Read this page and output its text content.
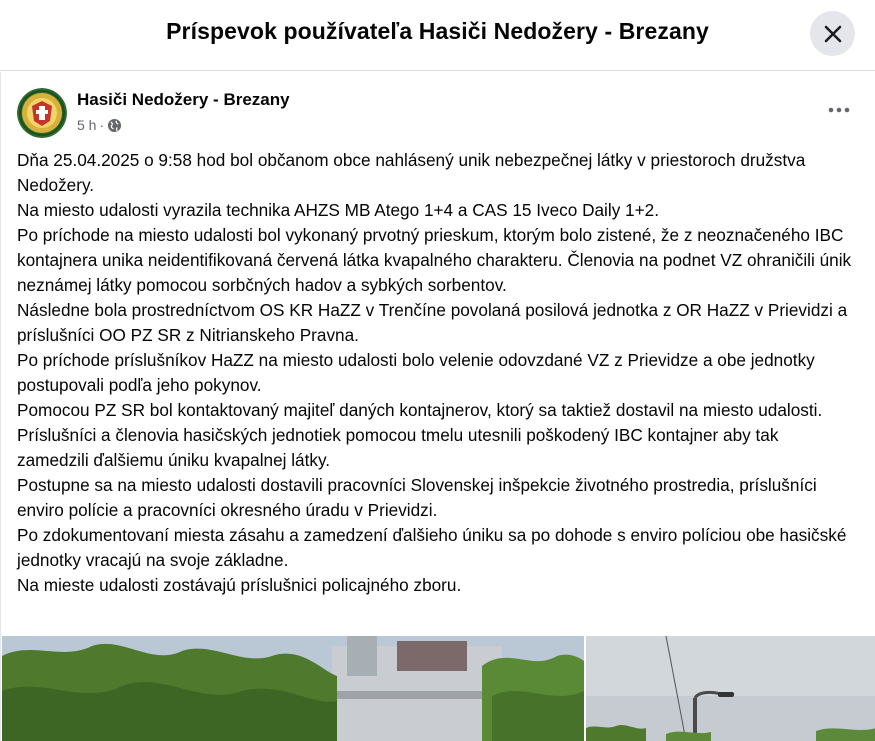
Príspevok používateľa Hasiči Nedožery - Brezany
Hasiči Nedožery - Brezany
5 h ·

Dňa 25.04.2025 o 9:58 hod bol občanom obce nahlásený unik nebezpečnej látky v priestoroch družstva Nedožery.

Na miesto udalosti vyrazila technika AHZS MB Atego 1+4 a CAS 15 Iveco Daily 1+2.

Po príchode na miesto udalosti bol vykonaný prvotný prieskum, ktorým bolo zistené, že z neoznačeného IBC kontajnera unika neidentifikovaná červená látka kvapalného charakteru. Členovia na podnet VZ ohraničili únik neznámej látky pomocou sorbčných hadov a sybkých sorbentov.

Následne bola prostredníctvom OS KR HaZZ v Trenčíne povolaná posilová jednotka z OR HaZZ v Prievidzi a príslušníci OO PZ SR z Nitrianskeho Pravna.

Po príchode príslušníkov HaZZ na miesto udalosti bolo velenie odovzdané VZ z Prievidze a obe jednotky postupovali podľa jeho pokynov.

Pomocou PZ SR bol kontaktovaný majiteľ daných kontajnerov, ktorý sa taktiež dostavil na miesto udalosti.

Príslušníci a členovia hasičských jednotiek pomocou tmelu utesnili poškodený IBC kontajner aby tak zamedzili ďalšiemu úniku kvapalnej látky.

Postupne sa na miesto udalosti dostavili pracovníci Slovenskej inšpekcie životného prostredia, príslušníci enviro polície a pracovníci okresného úradu v Prievidzi.

Po zdokumentovaní miesta zásahu a zamedzení ďalšieho úniku sa po dohode s enviro políciou obe hasičské jednotky vracajú na svoje základne.

Na mieste udalosti zostávajú príslušnici policajného zboru.
